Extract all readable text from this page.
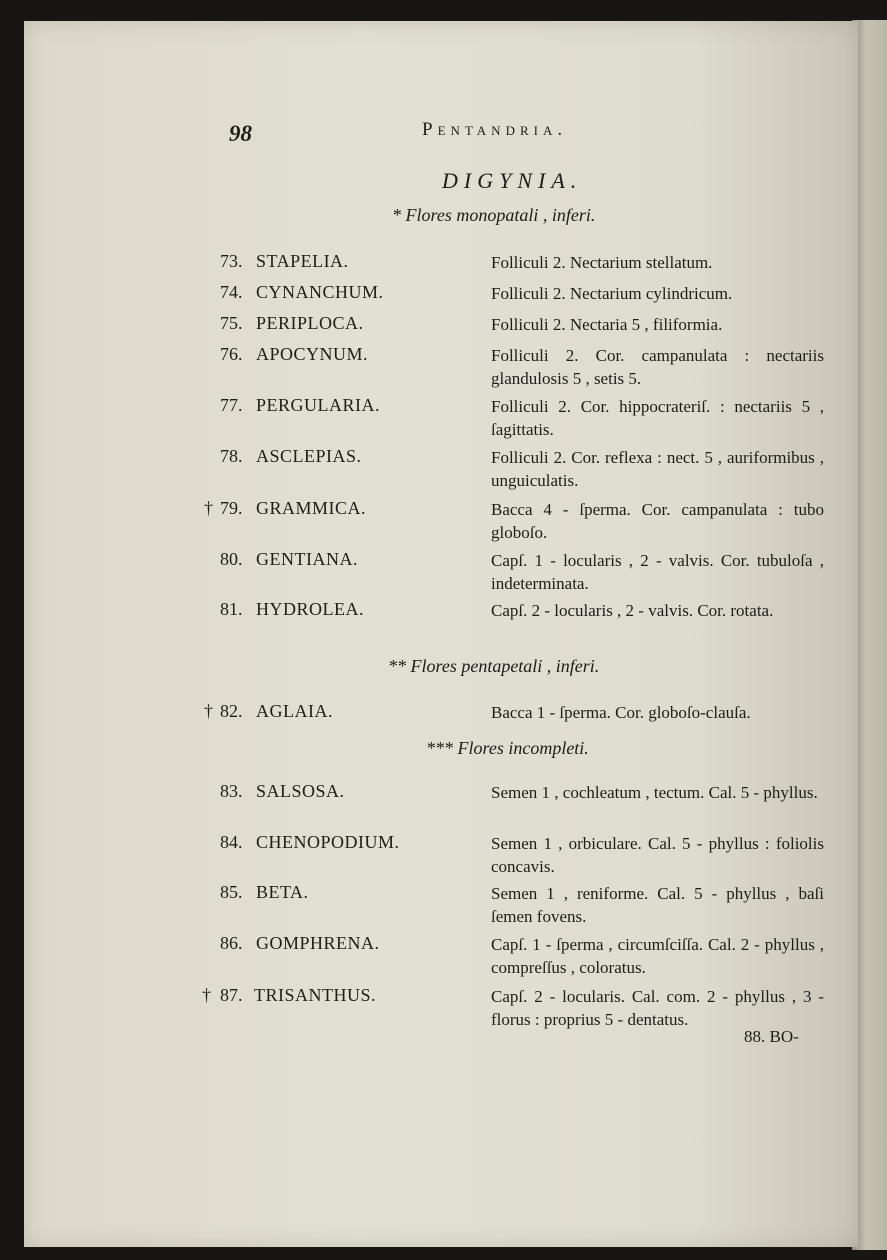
98	Pentandria.
DIGYNIA.
* Flores monopatali , inferi.
73. STAPELIA.	Folliculi 2. Nectarium stellatum.
74. CYNANCHUM.	Folliculi 2. Nectarium cylindricum.
75. PERIPLOCA.	Folliculi 2. Nectaria 5 , filiformia.
76. APOCYNUM.	Folliculi 2. Cor. campanulata : nectariis glandulosis 5 , setis 5.
77. PERGULARIA.	Folliculi 2. Cor. hippocrateriſ. : nectariis 5 , ſagittatis.
78. ASCLEPIAS.	Folliculi 2. Cor. reflexa : nect. 5 , auriformibus , unguiculatis.
† 79. GRAMMICA.	Bacca 4 - ſperma. Cor. campanulata : tubo globoſo.
80. GENTIANA.	Capſ. 1 - locularis , 2 - valvis. Cor. tubuloſa , indeterminata.
81. HYDROLEA.	Capſ. 2 - locularis , 2 - valvis. Cor. rotata.
** Flores pentapetali , inferi.
† 82. AGLAIA.	Bacca 1 - ſperma. Cor. globoſo-clauſa.
*** Flores incompleti.
83. SALSOSA.	Semen 1 , cochleatum , tectum. Cal. 5 - phyllus.
84. CHENOPODIUM.	Semen 1 , orbiculare. Cal. 5 - phyllus : foliolis concavis.
85. BETA.	Semen 1 , reniforme. Cal. 5 - phyllus , baſi ſemen fovens.
86. GOMPHRENA.	Capſ. 1 - ſperma , circumſciſſa. Cal. 2 - phyllus , compreſſus , coloratus.
† 87. TRISANTHUS.	Capſ. 2 - locularis. Cal. com. 2 - phyllus , 3 - florus : proprius 5 - dentatus.
88. BO-
